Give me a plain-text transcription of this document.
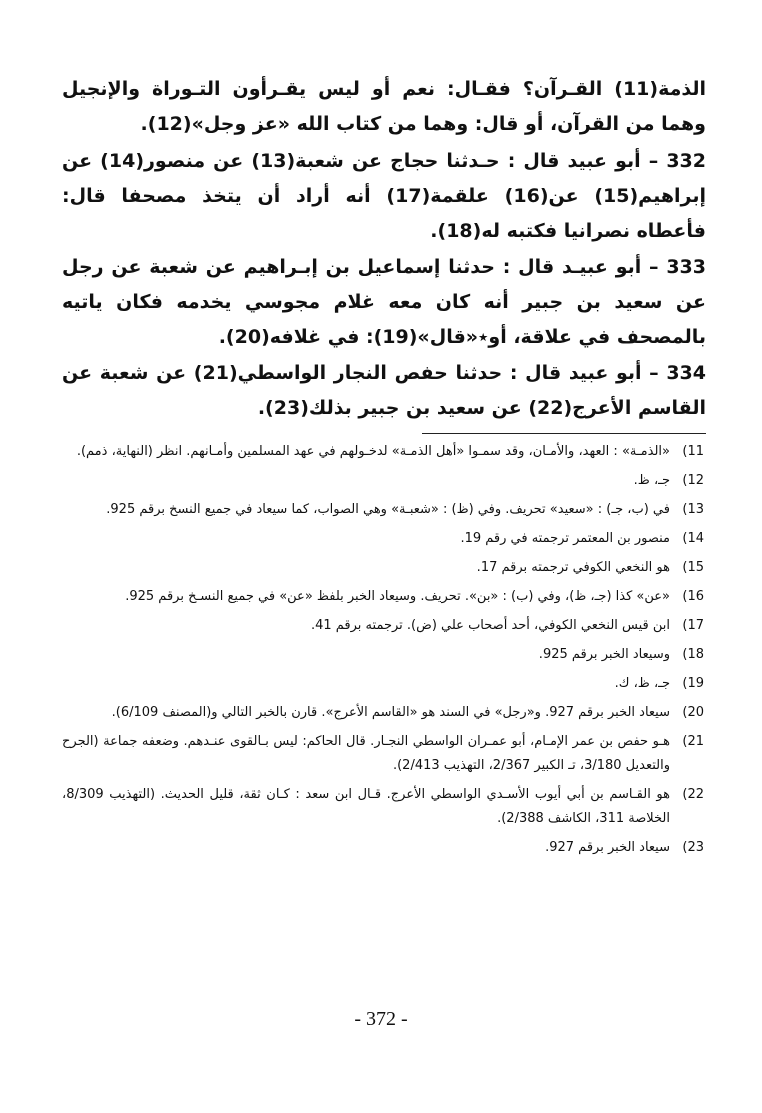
الذمة(11) القـرآن؟ فقـال: نعم أو ليس يقـرأون التـوراة والإنجيل وهما من القرآن، أو قال: وهما من كتاب الله «عز وجل»(12).

332 – أبو عبيد قال : حـدثنا حجاج عن شعبة(13) عن منصور(14) عن إبراهيم(15) عن(16) علقمة(17) أنه أراد أن يتخذ مصحفا قال: فأعطاه نصرانيا فكتبه له(18).

333 – أبو عبيـد قال : حدثنا إسماعيل بن إبـراهيم عن شعبة عن رجل عن سعيد بن جبير أنه كان معه غلام مجوسي يخدمه فكان ياتيه بالمصحف في علاقة، أو٭«قال»(19): في غلافه(20).

334 – أبو عبيد قال : حدثنا حفص النجار الواسطي(21) عن شعبة عن القاسم الأعرج(22) عن سعيد بن جبير بذلك(23).

11)
«الذمـة» : العهد، والأمـان، وقد سمـوا «أهل الذمـة» لدخـولهم في عهد المسلمين وأمـانهم. انظر (النهاية، ذمم).
12)
جـ، ظ.
13)
في (ب، جـ) : «سعيد» تحريف. وفي (ظ) : «شعبـة» وهي الصواب، كما سيعاد في جميع النسخ برقم 925.
14)
منصور بن المعتمر ترجمته في رقم 19.
15)
هو النخعي الكوفي ترجمته برقم 17.
16)
«عن» كذا (جـ، ظ)، وفي (ب) : «بن». تحريف. وسيعاد الخبر بلفظ «عن» في جميع النسـخ برقم 925.
17)
ابن قيس النخعي الكوفي، أحد أصحاب علي (ض). ترجمته برقم 41.
18)
وسيعاد الخبر برقم 925.
19)
جـ، ظ، ك.
20)
سيعاد الخبر برقم 927. و«رجل» في السند هو «القاسم الأعرج». قارن بالخبر التالي و(المصنف 6/109).
21)
هـو حفص بن عمر الإمـام، أبو عمـران الواسطي النجـار. قال الحاكم: ليس بـالقوى عنـدهم. وضعفه جماعة (الجرح والتعديل 3/180، تـ الكبير 2/367، التهذيب 2/413).
22)
هو القـاسم بن أبي أيوب الأسـدي الواسطي الأعرج. قـال ابن سعد : كـان ثقة، قليل الحديث. (التهذيب 8/309، الخلاصة 311، الكاشف 2/388).
23)
سيعاد الخبر برقم 927.
- 372 -
